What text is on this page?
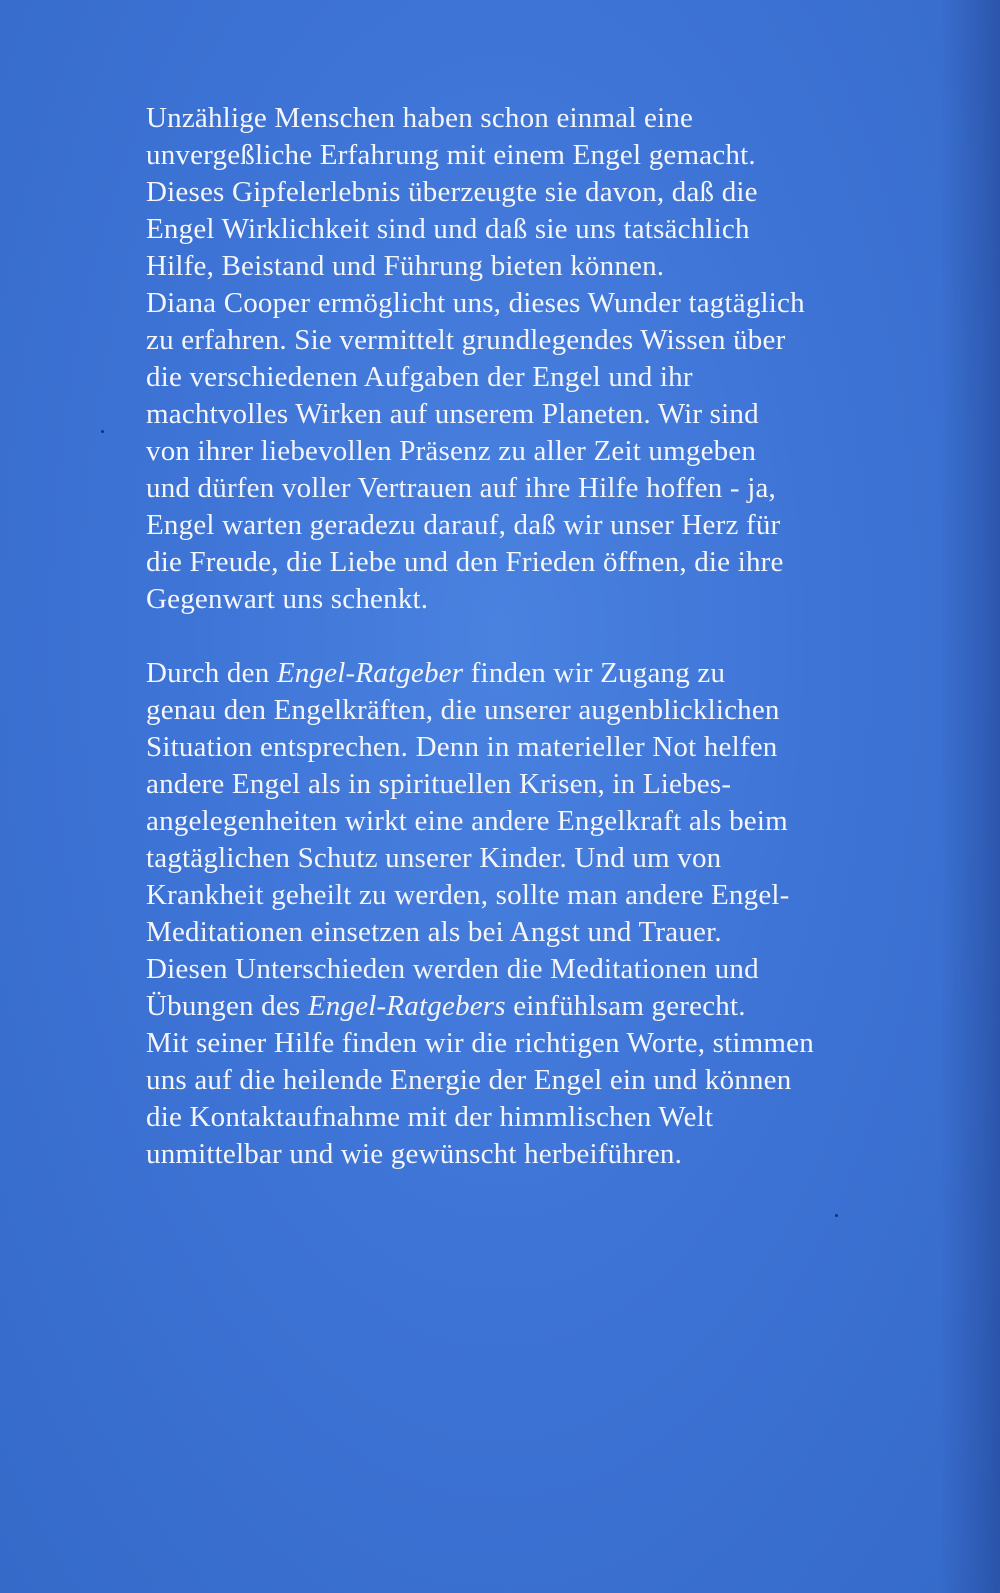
Unzählige Menschen haben schon einmal eine
unvergeßliche Erfahrung mit einem Engel gemacht.
Dieses Gipfelerlebnis überzeugte sie davon, daß die
Engel Wirklichkeit sind und daß sie uns tatsächlich
Hilfe, Beistand und Führung bieten können.
Diana Cooper ermöglicht uns, dieses Wunder tagtäglich
zu erfahren. Sie vermittelt grundlegendes Wissen über
die verschiedenen Aufgaben der Engel und ihr
machtvolles Wirken auf unserem Planeten. Wir sind
von ihrer liebevollen Präsenz zu aller Zeit umgeben
und dürfen voller Vertrauen auf ihre Hilfe hoffen - ja,
Engel warten geradezu darauf, daß wir unser Herz für
die Freude, die Liebe und den Frieden öffnen, die ihre
Gegenwart uns schenkt.
Durch den Engel-Ratgeber finden wir Zugang zu
genau den Engelkräften, die unserer augenblicklichen
Situation entsprechen. Denn in materieller Not helfen
andere Engel als in spirituellen Krisen, in Liebes-
angelegenheiten wirkt eine andere Engelkraft als beim
tagtäglichen Schutz unserer Kinder. Und um von
Krankheit geheilt zu werden, sollte man andere Engel-
Meditationen einsetzen als bei Angst und Trauer.
Diesen Unterschieden werden die Meditationen und
Übungen des Engel-Ratgebers einfühlsam gerecht.
Mit seiner Hilfe finden wir die richtigen Worte, stimmen
uns auf die heilende Energie der Engel ein und können
die Kontaktaufnahme mit der himmlischen Welt
unmittelbar und wie gewünscht herbeiführen.
